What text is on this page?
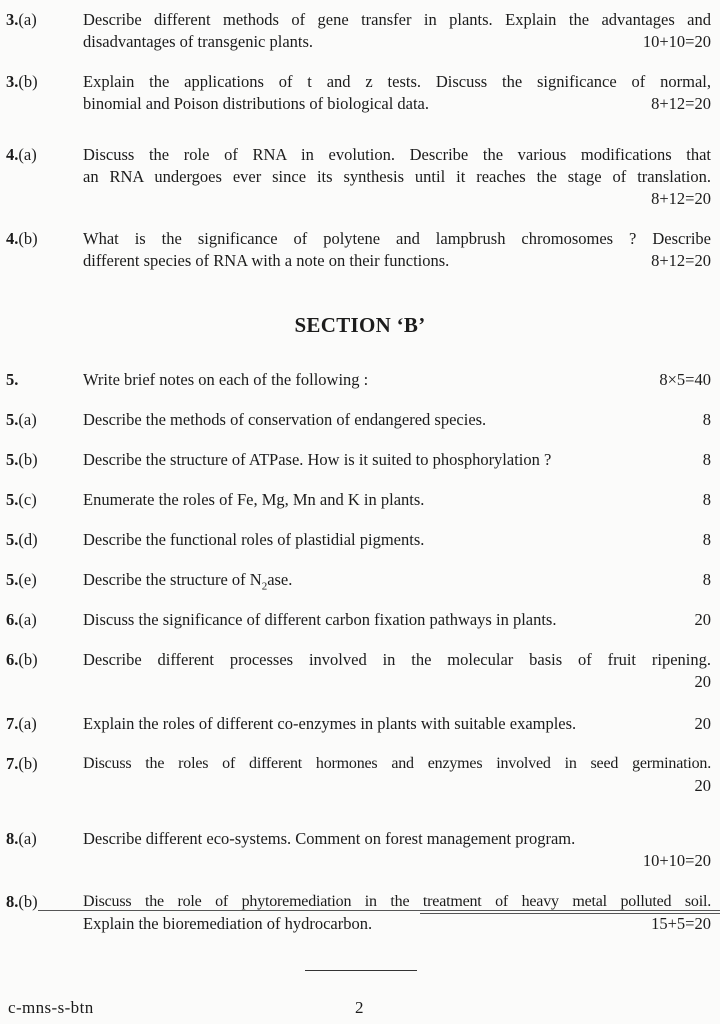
3.(a)	Describe different methods of gene transfer in plants. Explain the advantages and
disadvantages of transgenic plants.	10+10=20
3.(b)	Explain the applications of t and z tests. Discuss the significance of normal,
binomial and Poison distributions of biological data.	8+12=20
4.(a)	Discuss the role of RNA in evolution. Describe the various modifications that
an RNA undergoes ever since its synthesis until it reaches the stage of translation.
8+12=20
4.(b)	What is the significance of polytene and lampbrush chromosomes ? Describe
different species of RNA with a note on their functions.	8+12=20
SECTION ‘B’
5.	Write brief notes on each of the following :	8×5=40
5.(a)	Describe the methods of conservation of endangered species.	8
5.(b)	Describe the structure of ATPase. How is it suited to phosphorylation ?	8
5.(c)	Enumerate the roles of Fe, Mg, Mn and K in plants.	8
5.(d)	Describe the functional roles of plastidial pigments.	8
5.(e)	Describe the structure of $N_2ase$.	8
6.(a)	Discuss the significance of different carbon fixation pathways in plants.	20
6.(b)	Describe different processes involved in the molecular basis of fruit ripening.
20
7.(a)	Explain the roles of different co-enzymes in plants with suitable examples.	20
7.(b)	Discuss the roles of different hormones and enzymes involved in seed germination.
20
8.(a)	Describe different eco-systems. Comment on forest management program.
10+10=20
8.(b)	Discuss the role of phytoremediation in the treatment of heavy metal polluted soil.
Explain the bioremediation of hydrocarbon.	15+5=20
c-mns-s-btn	2
